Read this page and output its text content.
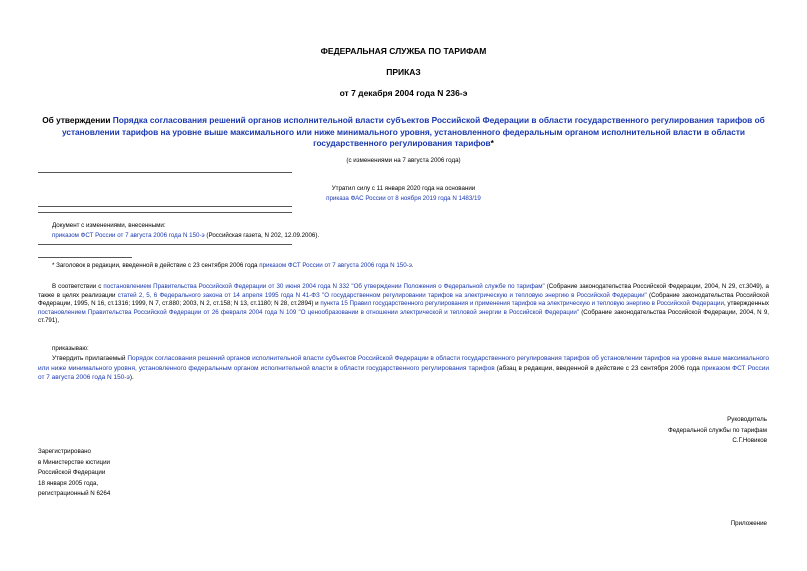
ФЕДЕРАЛЬНАЯ СЛУЖБА ПО ТАРИФАМ
ПРИКАЗ
от 7 декабря 2004 года N 236-э
Об утверждении Порядка согласования решений органов исполнительной власти субъектов Российской Федерации в области государственного регулирования тарифов об установлении тарифов на уровне выше максимального или ниже минимального уровня, установленного федеральным органом исполнительной власти в области государственного регулирования тарифов*
(с изменениями на 7 августа 2006 года)
Утратил силу с 11 января 2020 года на основании
приказа ФАС России от 8 ноября 2019 года N 1483/19
Документ с изменениями, внесенными:
приказом ФСТ России от 7 августа 2006 года N 150-э (Российская газета, N 202, 12.09.2006).
* Заголовок в редакции, введенной в действие с 23 сентября 2006 года приказом ФСТ России от 7 августа 2006 года N 150-э.
В соответствии с постановлением Правительства Российской Федерации от 30 июня 2004 года N 332 "Об утверждении Положения о Федеральной службе по тарифам" (Собрание законодательства Российской Федерации, 2004, N 29, ст.3049), а также в целях реализации статей 2, 5, 6 Федерального закона от 14 апреля 1995 года N 41-ФЗ "О государственном регулировании тарифов на электрическую и тепловую энергию в Российской Федерации" (Собрание законодательства Российской Федерации, 1995, N 16, ст.1316; 1999, N 7, ст.880; 2003, N 2, ст.158; N 13, ст.1180; N 28, ст.2894) и пункта 15 Правил государственного регулирования и применения тарифов на электрическую и тепловую энергию в Российской Федерации, утвержденных постановлением Правительства Российской Федерации от 26 февраля 2004 года N 109 "О ценообразовании в отношении электрической и тепловой энергии в Российской Федерации" (Собрание законодательства Российской Федерации, 2004, N 9, ст.791),
приказываю:
Утвердить прилагаемый Порядок согласования решений органов исполнительной власти субъектов Российской Федерации в области государственного регулирования тарифов об установлении тарифов на уровне выше максимального или ниже минимального уровня, установленного федеральным органом исполнительной власти в области государственного регулирования тарифов (абзац в редакции, введенной в действие с 23 сентября 2006 года приказом ФСТ России от 7 августа 2006 года N 150-э).
Руководитель
Федеральной службы по тарифам
С.Г.Новиков
Зарегистрировано
в Министерстве юстиции
Российской Федерации
18 января 2005 года,
регистрационный N 6264
Приложение
